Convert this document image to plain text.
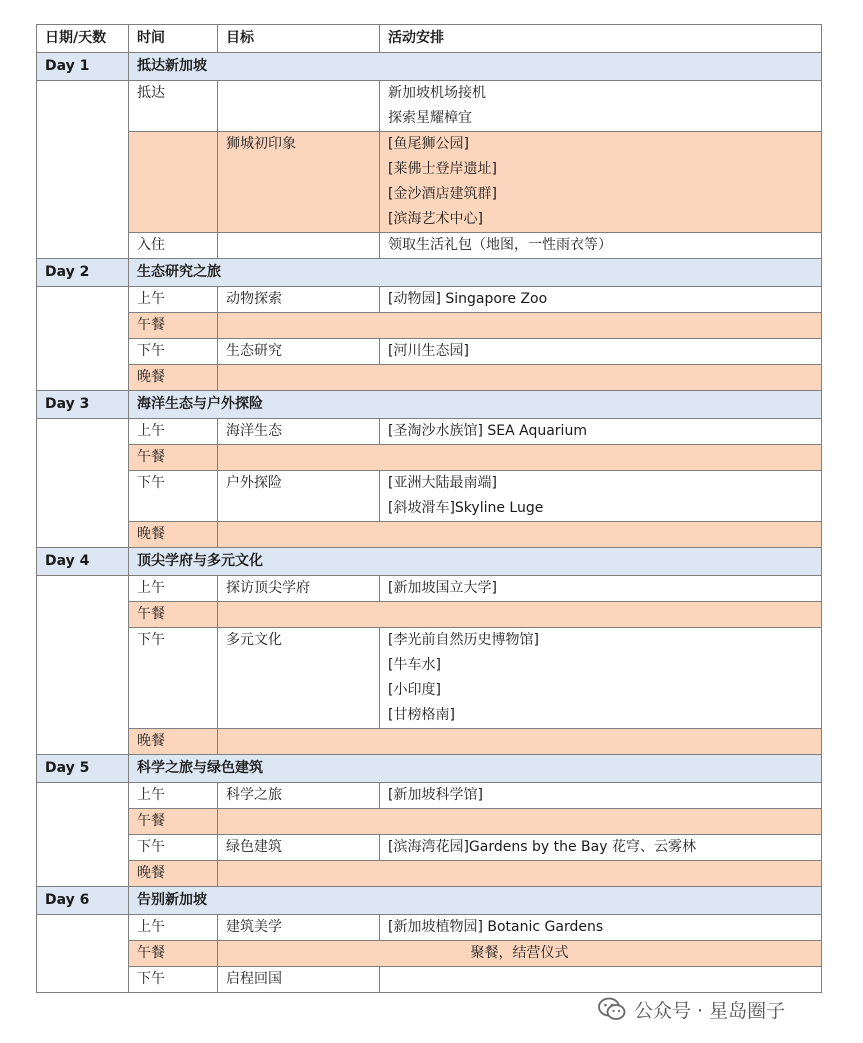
日期/天数	时间	目标	活动安排
Day 1	抵达新加坡		
	抵达		新加坡机场接机
探索星耀樟宜

		狮城初印象	[鱼尾狮公园]
[莱佛士登岸遗址]
[金沙酒店建筑群]
[滨海艺术中心]

	入住		领取生活礼包（地图，一性雨衣等）

Day 2	生态研究之旅		
	上午	动物探索	[动物园] Singapore Zoo

	午餐		
	下午	生态研究	[河川生态园]

	晚餐		
Day 3	海洋生态与户外探险		
	上午	海洋生态	[圣淘沙水族馆] SEA Aquarium

	午餐		
	下午	户外探险	[亚洲大陆最南端]
[斜坡滑车]Skyline Luge

	晚餐		
Day 4	顶尖学府与多元文化		
	上午	探访顶尖学府	[新加坡国立大学]

	午餐		
	下午	多元文化	[李光前自然历史博物馆]
[牛车水]
[小印度]
[甘榜格南]

	晚餐		
Day 5	科学之旅与绿色建筑		
	上午	科学之旅	[新加坡科学馆]

	午餐		
	下午	绿色建筑	[滨海湾花园]Gardens by the Bay 花穹、云雾林

	晚餐		
Day 6	告别新加坡		
	上午	建筑美学	[新加坡植物园] Botanic Gardens

	午餐	聚餐，结营仪式	
	下午	启程回国	
公众号 · 星岛圈子
